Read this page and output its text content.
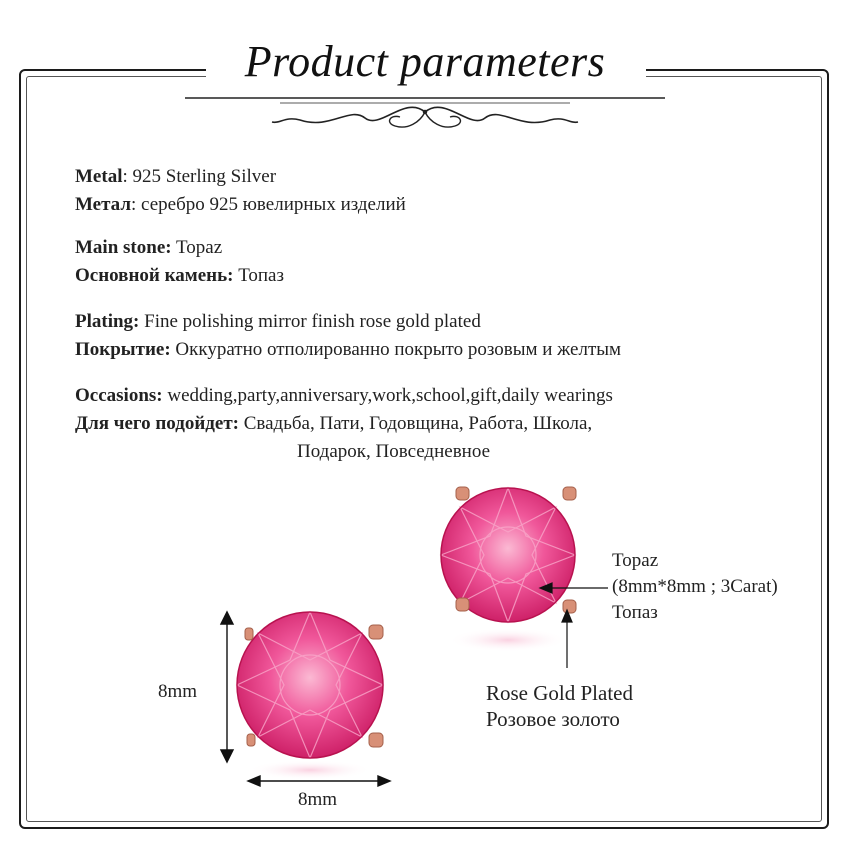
Product parameters
Metal: 925 Sterling Silver
Метал: серебро 925 ювелирных изделий
Main stone: Topaz
Основной камень: Топаз
Plating: Fine polishing mirror finish rose gold plated
Покрытие: Оккуратно отполированно покрыто розовым и желтым
Occasions: wedding,party,anniversary,work,school,gift,daily wearings
Для чего подойдет: Свадьба, Пати, Годовщина, Работа, Школа,
Подарок, Повседневное
8mm
8mm
Topaz
(8mm*8mm ; 3Carat)
Топаз
Rose Gold Plated
Розовое золото
